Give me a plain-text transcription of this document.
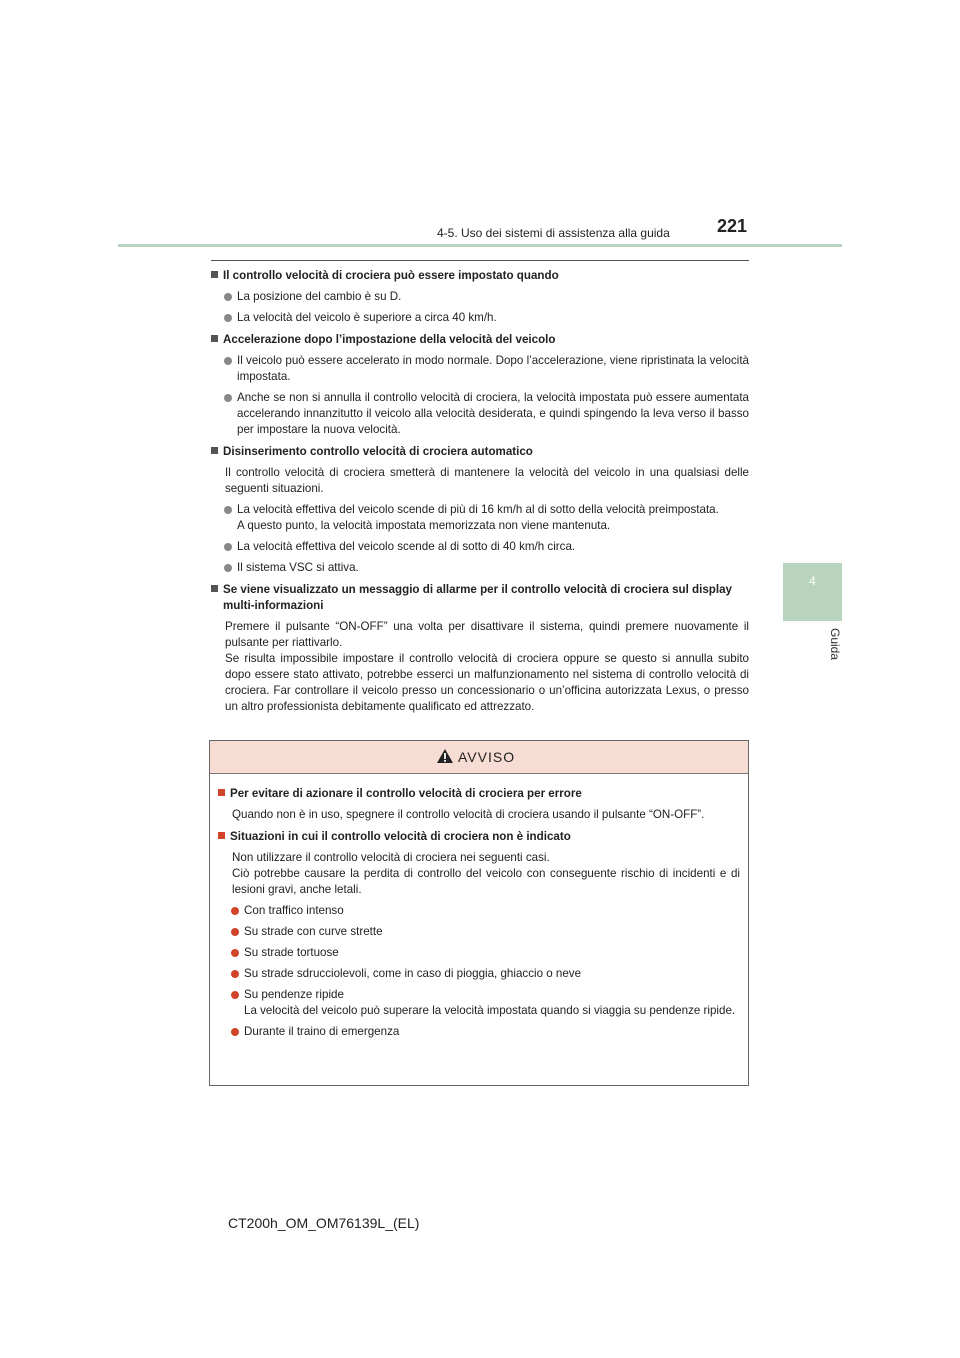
4-5. Uso dei sistemi di assistenza alla guida	221
4
Guida
Il controllo velocità di crociera può essere impostato quando
La posizione del cambio è su D.
La velocità del veicolo è superiore a circa 40 km/h.
Accelerazione dopo l’impostazione della velocità del veicolo
Il veicolo può essere accelerato in modo normale. Dopo l’accelerazione, viene ripristinata la velocità impostata.
Anche se non si annulla il controllo velocità di crociera, la velocità impostata può essere aumentata accelerando innanzitutto il veicolo alla velocità desiderata, e quindi spingendo la leva verso il basso per impostare la nuova velocità.
Disinserimento controllo velocità di crociera automatico
Il controllo velocità di crociera smetterà di mantenere la velocità del veicolo in una qualsiasi delle seguenti situazioni.
La velocità effettiva del veicolo scende di più di 16 km/h al di sotto della velocità preimpostata.
A questo punto, la velocità impostata memorizzata non viene mantenuta.
La velocità effettiva del veicolo scende al di sotto di 40 km/h circa.
Il sistema VSC si attiva.
Se viene visualizzato un messaggio di allarme per il controllo velocità di crociera sul display multi-informazioni
Premere il pulsante “ON-OFF” una volta per disattivare il sistema, quindi premere nuovamente il pulsante per riattivarlo.
Se risulta impossibile impostare il controllo velocità di crociera oppure se questo si annulla subito dopo essere stato attivato, potrebbe esserci un malfunzionamento nel sistema di controllo velocità di crociera. Far controllare il veicolo presso un concessionario o un’officina autorizzata Lexus, o presso un altro professionista debitamente qualificato ed attrezzato.
AVVISO
Per evitare di azionare il controllo velocità di crociera per errore
Quando non è in uso, spegnere il controllo velocità di crociera usando il pulsante “ON-OFF”.
Situazioni in cui il controllo velocità di crociera non è indicato
Non utilizzare il controllo velocità di crociera nei seguenti casi.
Ciò potrebbe causare la perdita di controllo del veicolo con conseguente rischio di incidenti e di lesioni gravi, anche letali.
Con traffico intenso
Su strade con curve strette
Su strade tortuose
Su strade sdrucciolevoli, come in caso di pioggia, ghiaccio o neve
Su pendenze ripide
La velocità del veicolo può superare la velocità impostata quando si viaggia su pendenze ripide.
Durante il traino di emergenza
CT200h_OM_OM76139L_(EL)
